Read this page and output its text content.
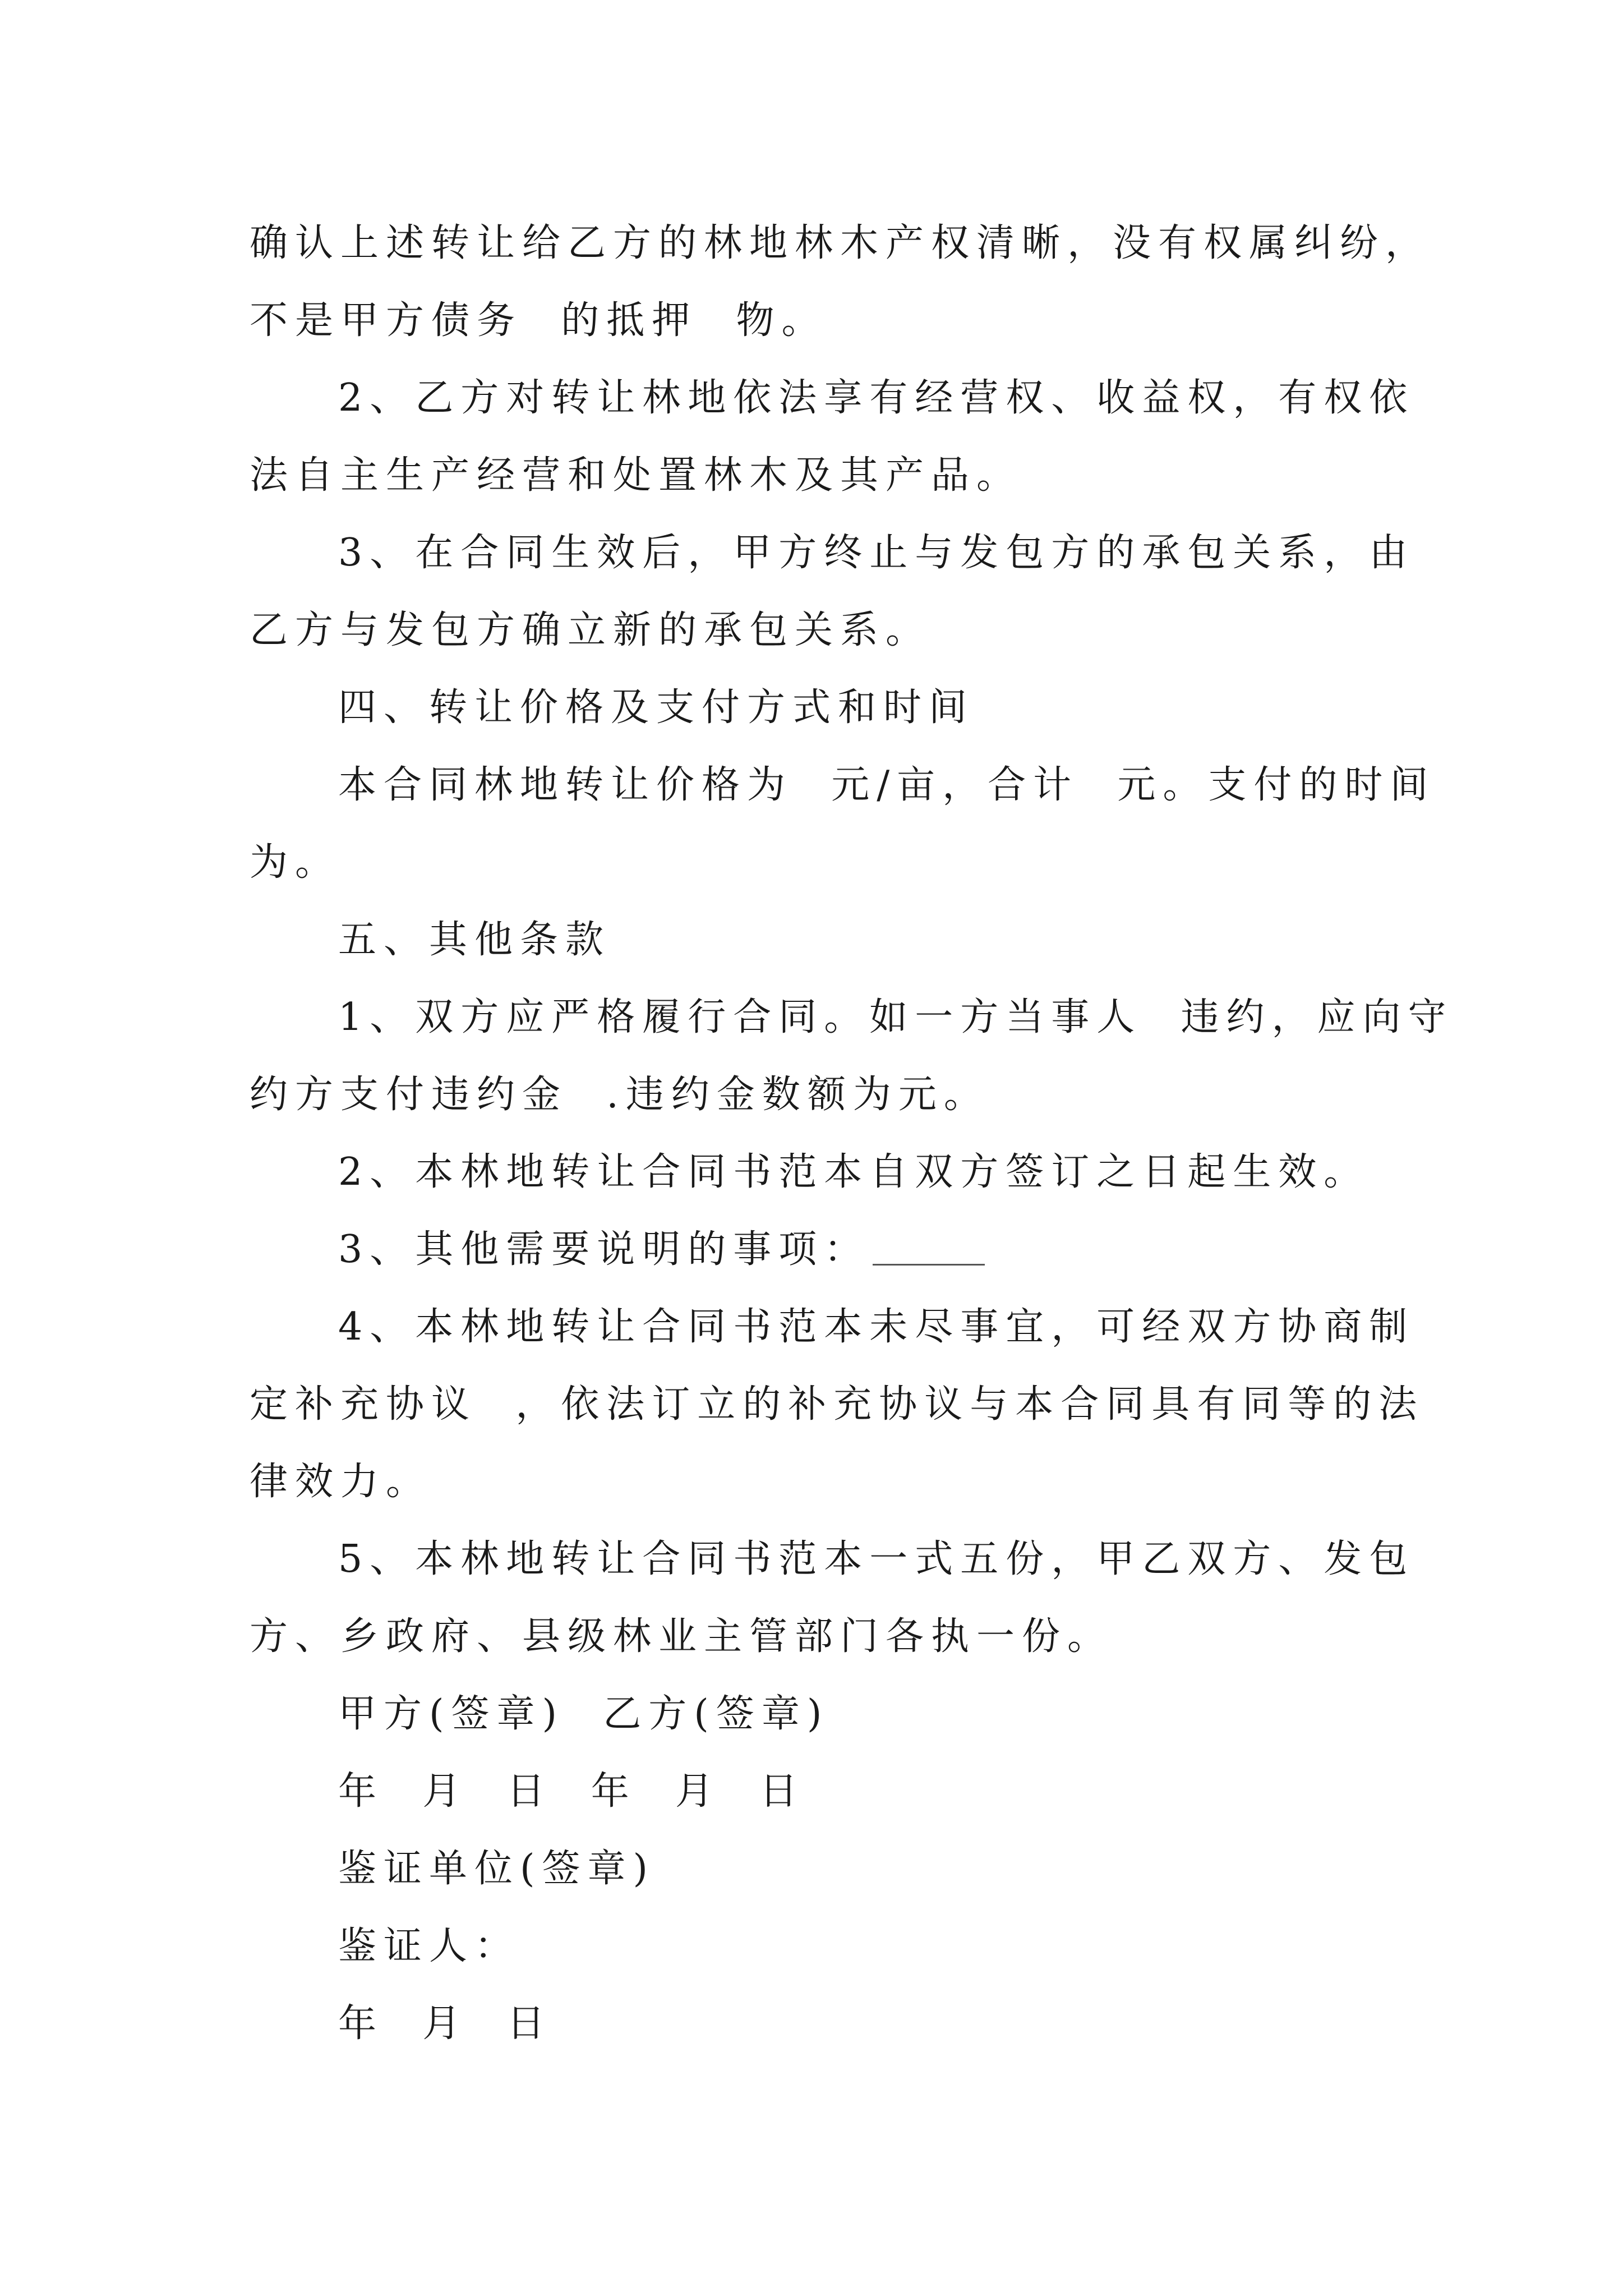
确认上述转让给乙方的林地林木产权清晰，没有权属纠纷，
不是甲方债务  的抵押  物。
2、乙方对转让林地依法享有经营权、收益权，有权依
法自主生产经营和处置林木及其产品。
3、在合同生效后，甲方终止与发包方的承包关系，由
乙方与发包方确立新的承包关系。
四、转让价格及支付方式和时间
本合同林地转让价格为  元/亩，合计  元。支付的时间
为。
五、其他条款
1、双方应严格履行合同。如一方当事人  违约，应向守
约方支付违约金  .违约金数额为元。
2、本林地转让合同书范本自双方签订之日起生效。
3、其他需要说明的事项：
4、本林地转让合同书范本未尽事宜，可经双方协商制
定补充协议  ，依法订立的补充协议与本合同具有同等的法
律效力。
5、本林地转让合同书范本一式五份，甲乙双方、发包
方、乡政府、县级林业主管部门各执一份。
甲方(签章)  乙方(签章)
年  月  日  年  月  日
鉴证单位(签章)
鉴证人：
年  月  日
